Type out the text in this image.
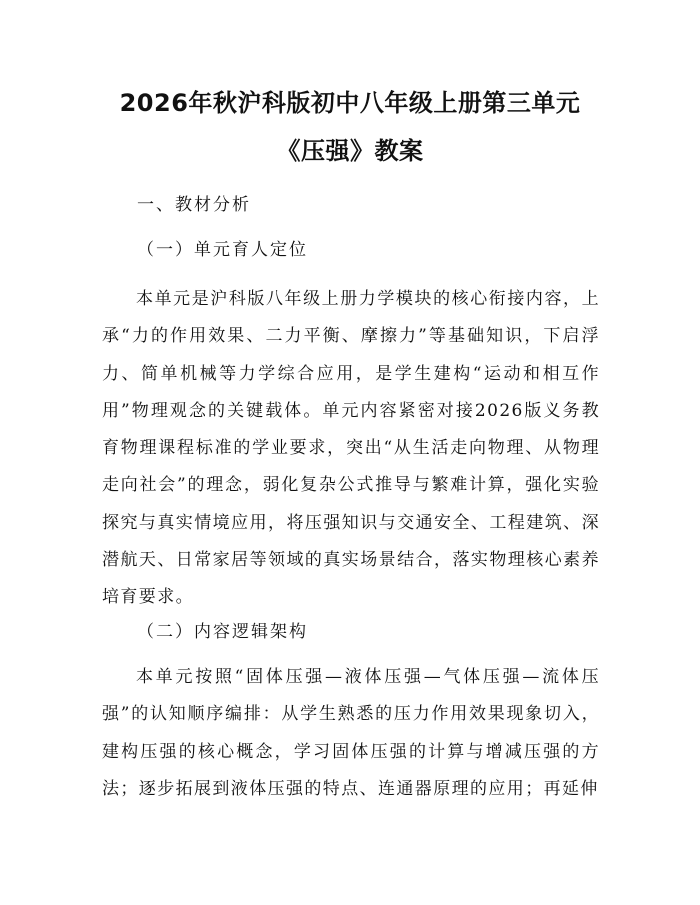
2026年秋沪科版初中八年级上册第三单元
《压强》教案
一、教材分析
（一）单元育人定位

本单元是沪科版八年级上册力学模块的核心衔接内容，上承“力的作用效果、二力平衡、摩擦力”等基础知识，下启浮力、简单机械等力学综合应用，是学生建构“运动和相互作用”物理观念的关键载体。单元内容紧密对接2026版义务教育物理课程标准的学业要求，突出“从生活走向物理、从物理走向社会”的理念，弱化复杂公式推导与繁难计算，强化实验探究与真实情境应用，将压强知识与交通安全、工程建筑、深潜航天、日常家居等领域的真实场景结合，落实物理核心素养培育要求。

（二）内容逻辑架构

本单元按照“固体压强—液体压强—气体压强—流体压强”的认知顺序编排：从学生熟悉的压力作用效果现象切入，建构压强的核心概念，学习固体压强的计算与增减压强的方法；逐步拓展到液体压强的特点、连通器原理的应用；再延伸
